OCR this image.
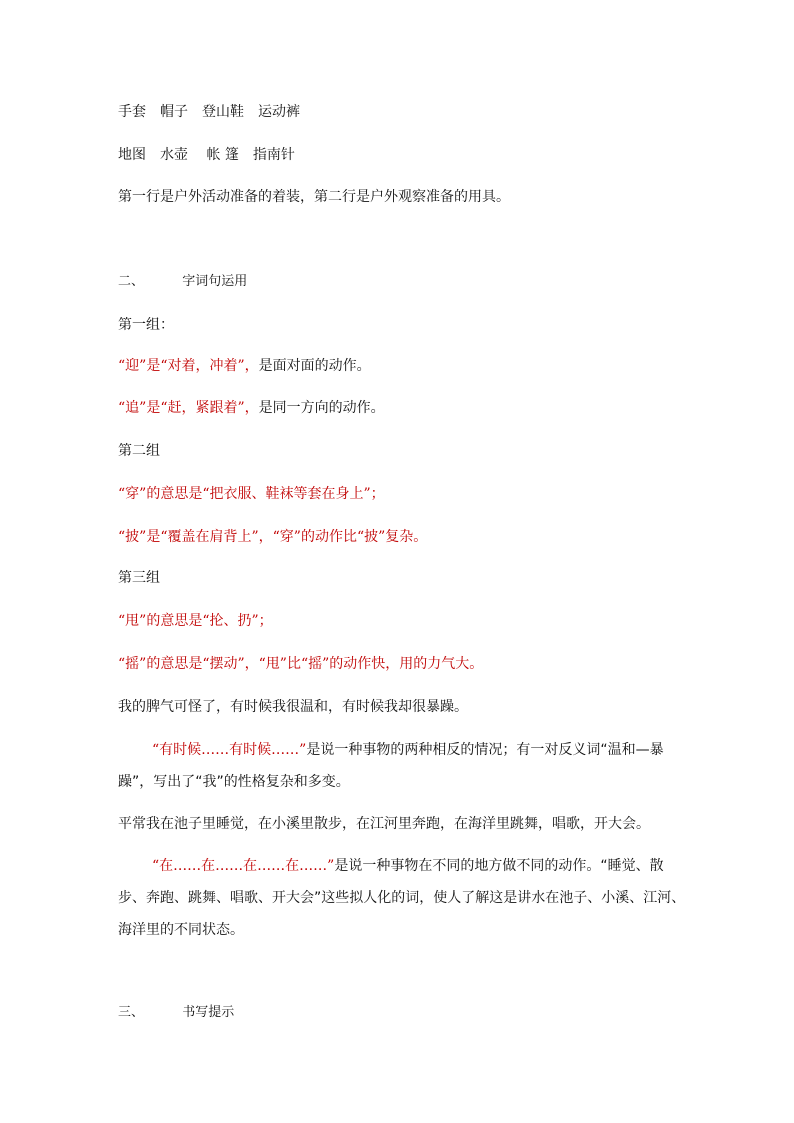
手套　帽子　登山鞋　运动裤
地图　水壶　 帐 篷　指南针
第一行是户外活动准备的着装，第二行是户外观察准备的用具。
二、	字词句运用
第一组：
“迎”是“对着，冲着”，是面对面的动作。
“追”是“赶，紧跟着”，是同一方向的动作。
第二组
“穿”的意思是“把衣服、鞋袜等套在身上”；
“披”是“覆盖在肩背上”，“穿”的动作比“披”复杂。
第三组
“甩”的意思是“抡、扔”；
“摇”的意思是“摆动”，“甩”比“摇”的动作快，用的力气大。
我的脾气可怪了，有时候我很温和，有时候我却很暴躁。
“有时候……有时候……”是说一种事物的两种相反的情况；有一对反义词“温和—暴躁”，写出了“我”的性格复杂和多变。
平常我在池子里睡觉，在小溪里散步，在江河里奔跑，在海洋里跳舞，唱歌，开大会。
“在……在……在……在……”是说一种事物在不同的地方做不同的动作。“睡觉、散步、奔跑、跳舞、唱歌、开大会”这些拟人化的词，使人了解这是讲水在池子、小溪、江河、海洋里的不同状态。
三、	书写提示
